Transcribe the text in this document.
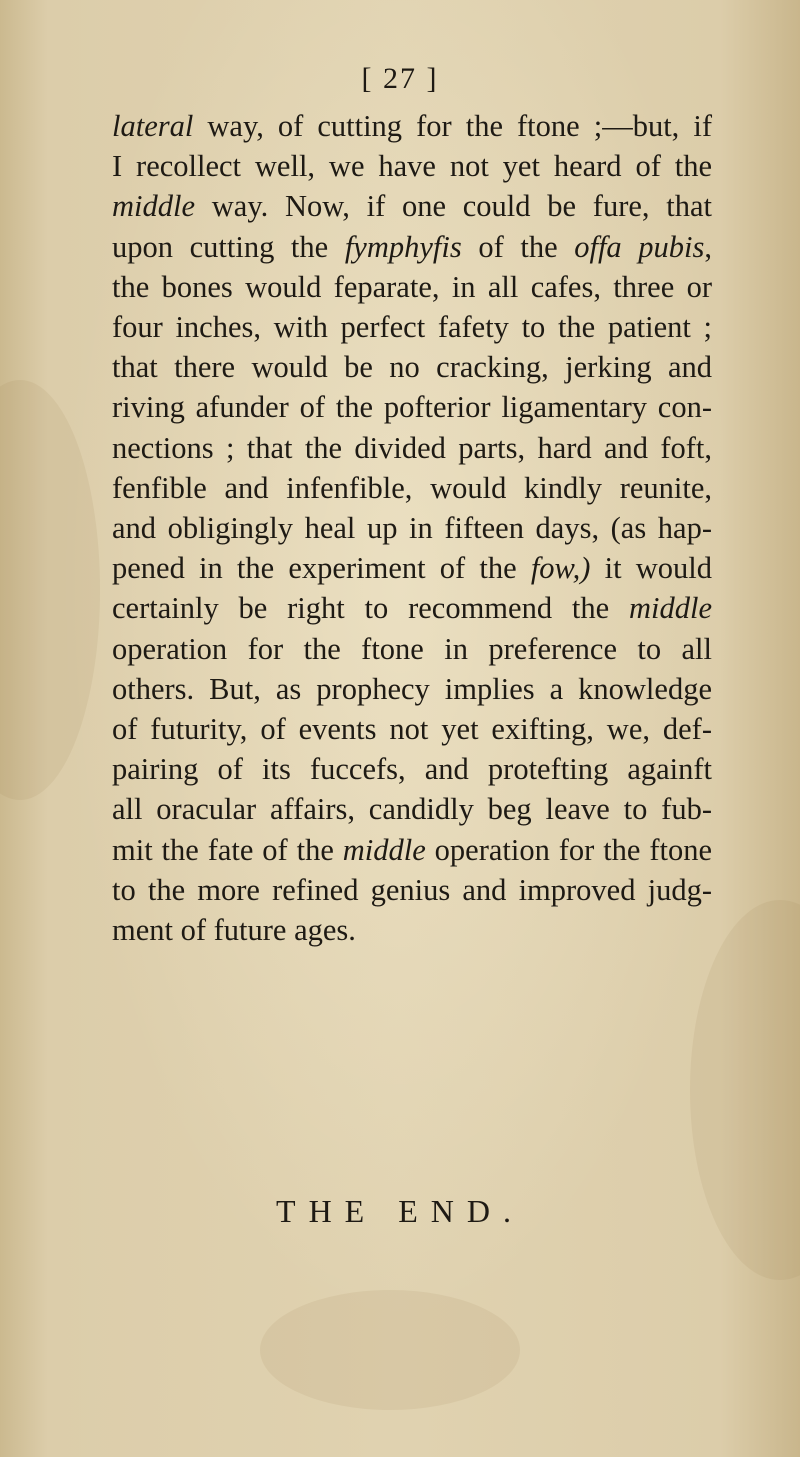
[ 27 ]
lateral way, of cutting for the ftone ;—but, if
I recollect well, we have not yet heard of the
middle way. Now, if one could be fure, that
upon cutting the fymphyfis of the offa pubis,
the bones would feparate, in all cafes, three or
four inches, with perfect fafety to the patient ;
that there would be no cracking, jerking and
riving afunder of the pofterior ligamentary con-
nections ; that the divided parts, hard and foft,
fenfible and infenfible, would kindly reunite,
and obligingly heal up in fifteen days, (as hap-
pened in the experiment of the fow,) it would
certainly be right to recommend the middle
operation for the ftone in preference to all
others. But, as prophecy implies a knowledge
of futurity, of events not yet exifting, we, def-
pairing of its fuccefs, and protefting againft
all oracular affairs, candidly beg leave to fub-
mit the fate of the middle operation for the ftone
to the more refined genius and improved judg-
ment of future ages.
THE END.
